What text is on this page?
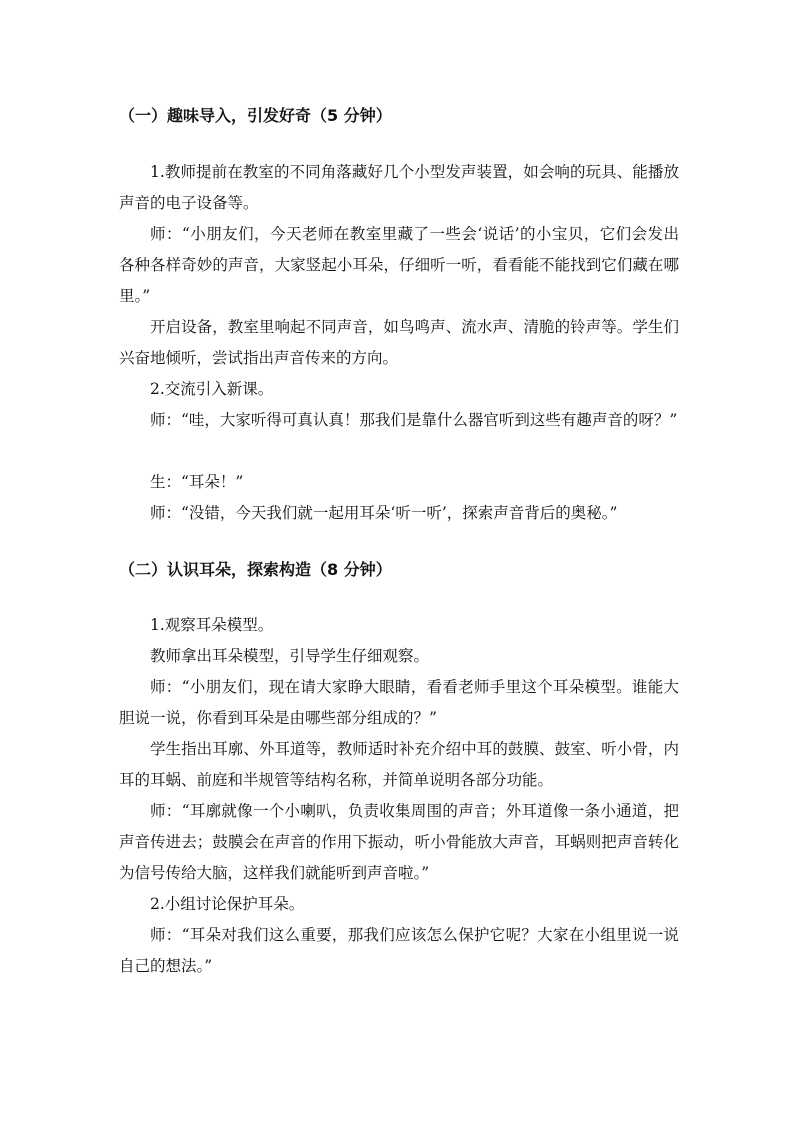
（一）趣味导入，引发好奇（5 分钟）

1.教师提前在教室的不同角落藏好几个小型发声装置，如会响的玩具、能播放声音的电子设备等。

师：“小朋友们，今天老师在教室里藏了一些会‘说话’的小宝贝，它们会发出各种各样奇妙的声音，大家竖起小耳朵，仔细听一听，看看能不能找到它们藏在哪里。”

开启设备，教室里响起不同声音，如鸟鸣声、流水声、清脆的铃声等。学生们兴奋地倾听，尝试指出声音传来的方向。

2.交流引入新课。

师：“哇，大家听得可真认真！那我们是靠什么器官听到这些有趣声音的呀？”

生：“耳朵！”

师：“没错，今天我们就一起用耳朵‘听一听’，探索声音背后的奥秘。”

（二）认识耳朵，探索构造（8 分钟）

1.观察耳朵模型。

教师拿出耳朵模型，引导学生仔细观察。

师：“小朋友们，现在请大家睁大眼睛，看看老师手里这个耳朵模型。谁能大胆说一说，你看到耳朵是由哪些部分组成的？”

学生指出耳廓、外耳道等，教师适时补充介绍中耳的鼓膜、鼓室、听小骨，内耳的耳蜗、前庭和半规管等结构名称，并简单说明各部分功能。

师：“耳廓就像一个小喇叭，负责收集周围的声音；外耳道像一条小通道，把声音传进去；鼓膜会在声音的作用下振动，听小骨能放大声音，耳蜗则把声音转化为信号传给大脑，这样我们就能听到声音啦。”

2.小组讨论保护耳朵。

师：“耳朵对我们这么重要，那我们应该怎么保护它呢？大家在小组里说一说自己的想法。”
